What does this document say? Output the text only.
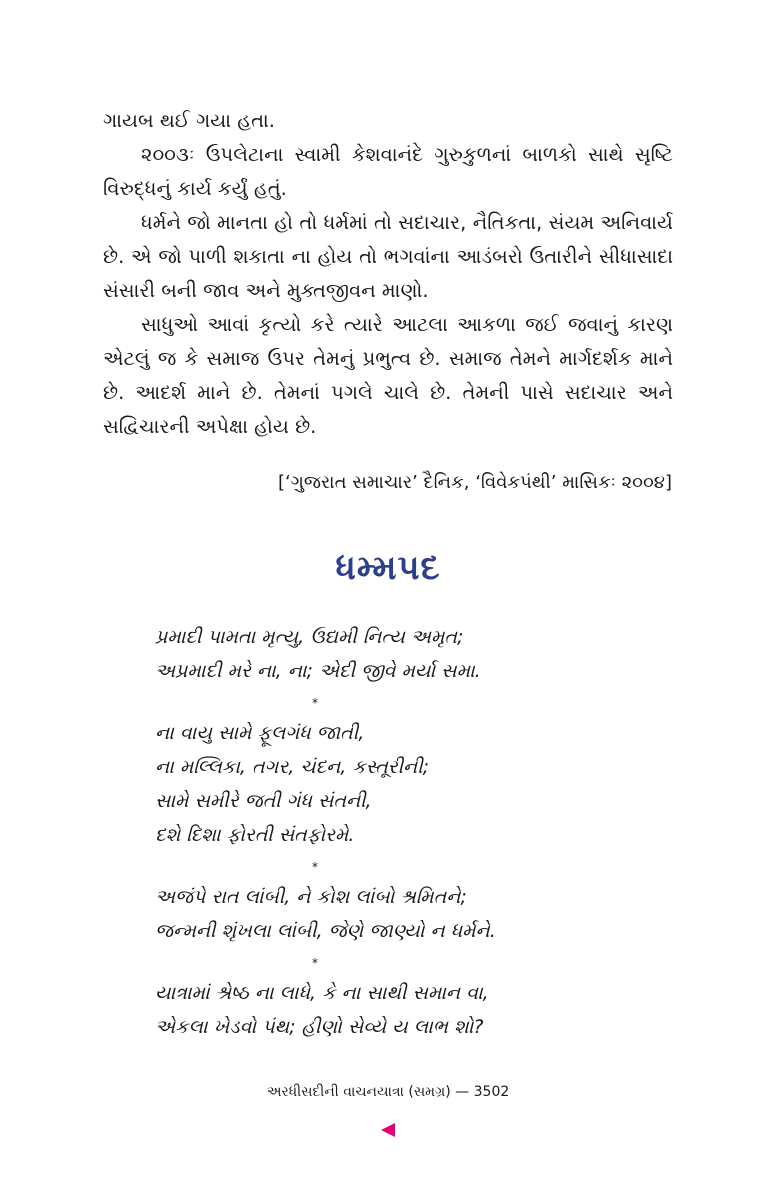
ગાયબ થઈ ગયા હતા.

૨૦૦૩ઃ ઉપલેટાના સ્વામી કેશવાનંદે ગુરુકુળનાં બાળકો સાથે સૃષ્ટિ વિરુદ્ધનું કાર્ય કર્યું હતું.

ધર્મને જો માનતા હો તો ધર્મમાં તો સદાચાર, નૈતિકતા, સંયમ અનિવાર્ય છે. એ જો પાળી શકાતા ના હોય તો ભગવાંના આડંબરો ઉતારીને સીધાસાદા સંસારી બની જાવ અને મુક્તજીવન માણો.

સાધુઓ આવાં કૃત્યો કરે ત્યારે આટલા આકળા જઈ જવાનું કારણ એટલું જ કે સમાજ ઉપર તેમનું પ્રભુત્વ છે. સમાજ તેમને માર્ગદર્શક માને છે. આદર્શ માને છે. તેમનાં પગલે ચાલે છે. તેમની પાસે સદાચાર અને સદ્વિચારની અપેક્ષા હોય છે.

[‘ગુજરાત સમાચાર’ દૈનિક, ‘વિવેકપંથી’ માસિકઃ ૨૦૦૪]
ધમ્મપદ
પ્રમાદી પામતા મૃત્યુ, ઉદ્યમી નિત્ય અમૃત;
અપ્રમાદી મરે ના, ના; એદી જીવે મર્યા સમા.
*
ના વાયુ સામે ફૂલગંધ જાતી,
ના મલ્લિકા, તગર, ચંદન, કસ્તૂરીની;
સામે સમીરે જતી ગંધ સંતની,
દશે દિશા ફોરતી સંતફોરમે.
*
અજંપે રાત લાંબી, ને કોશ લાંબો શ્રમિતને;
જન્મની શૃંખલા લાંબી, જેણે જાણ્યો ન ધર્મને.
*
યાત્રામાં શ્રેષ્ઠ ના લાધે, કે ના સાથી સમાન વા,
એકલા ખેડવો પંથ; હીણો સેવ્યે ય લાભ શો?
અરધીસદીની વાચનયાત્રા (સમગ્ર) — 3502
